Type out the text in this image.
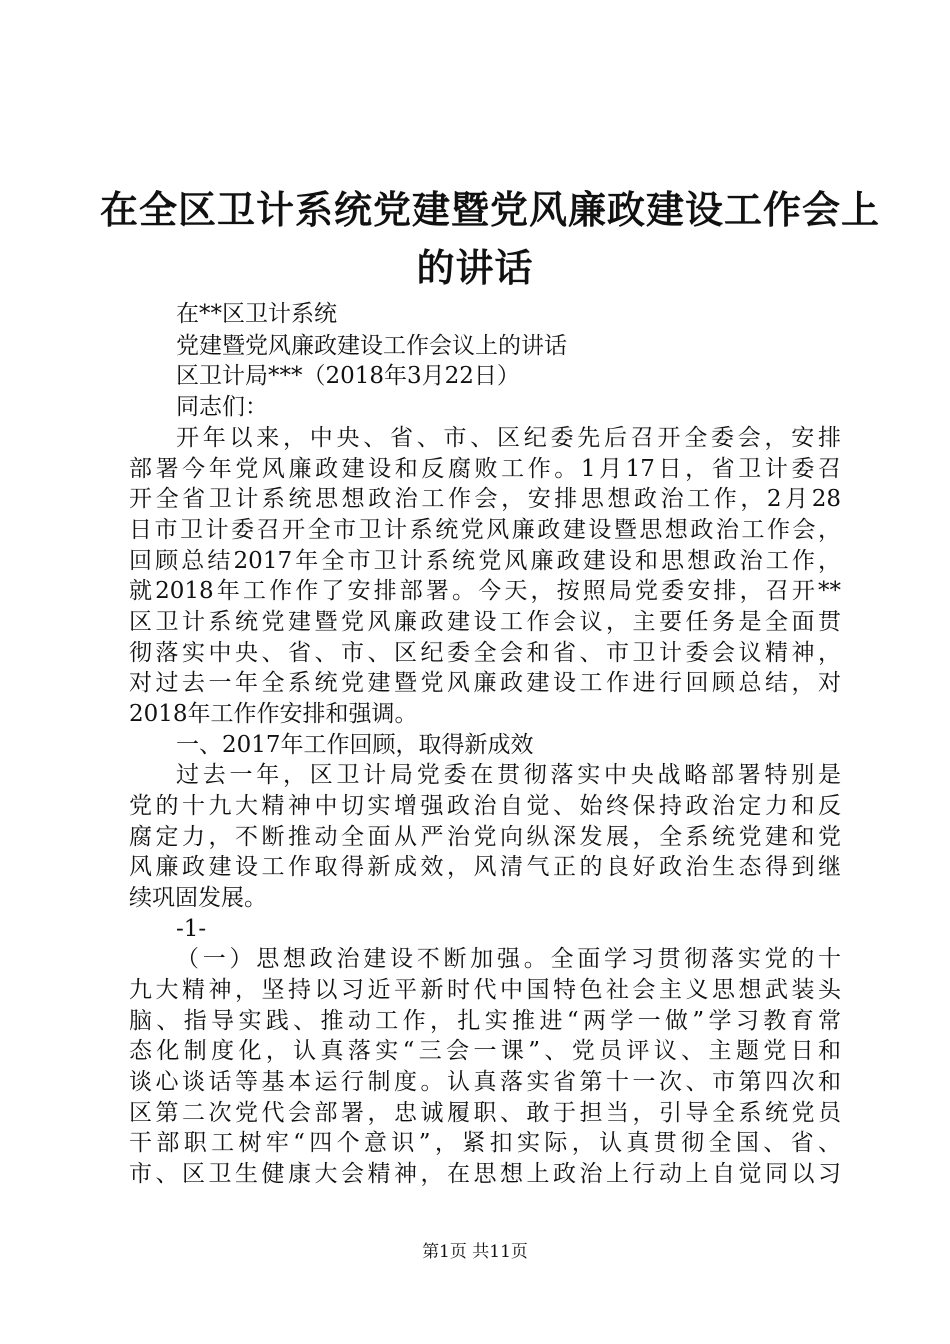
在全区卫计系统党建暨党风廉政建设工作会上
的讲话
在**区卫计系统
党建暨党风廉政建设工作会议上的讲话
区卫计局***（2018年3月22日）
同志们：
开年以来，中央、省、市、区纪委先后召开全委会，安排
部署今年党风廉政建设和反腐败工作。1月17日，省卫计委召
开全省卫计系统思想政治工作会，安排思想政治工作，2月28
日市卫计委召开全市卫计系统党风廉政建设暨思想政治工作会，
回顾总结2017年全市卫计系统党风廉政建设和思想政治工作，
就2018年工作作了安排部署。今天，按照局党委安排，召开**
区卫计系统党建暨党风廉政建设工作会议，主要任务是全面贯
彻落实中央、省、市、区纪委全会和省、市卫计委会议精神，
对过去一年全系统党建暨党风廉政建设工作进行回顾总结，对
2018年工作作安排和强调。
一、2017年工作回顾，取得新成效
过去一年，区卫计局党委在贯彻落实中央战略部署特别是
党的十九大精神中切实增强政治自觉、始终保持政治定力和反
腐定力，不断推动全面从严治党向纵深发展，全系统党建和党
风廉政建设工作取得新成效，风清气正的良好政治生态得到继
续巩固发展。
-1-
（一）思想政治建设不断加强。全面学习贯彻落实党的十
九大精神，坚持以习近平新时代中国特色社会主义思想武装头
脑、指导实践、推动工作，扎实推进“两学一做”学习教育常
态化制度化，认真落实“三会一课”、党员评议、主题党日和
谈心谈话等基本运行制度。认真落实省第十一次、市第四次和
区第二次党代会部署，忠诚履职、敢于担当，引导全系统党员
干部职工树牢“四个意识”，紧扣实际，认真贯彻全国、省、
市、区卫生健康大会精神，在思想上政治上行动上自觉同以习
第1页 共11页
